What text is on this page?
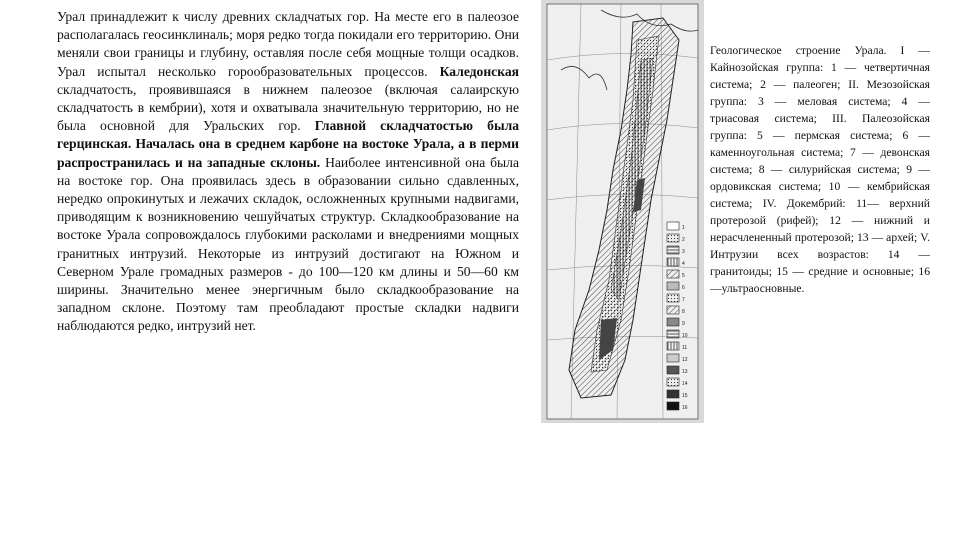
Урал принадлежит к числу древних складчатых гор. На месте его в палеозое располагалась геосинклиналь; моря редко тогда покидали его территорию. Они меняли свои границы и глубину, оставляя после себя мощные толщи осадков. Урал испытал несколько горообразовательных процессов. Каледонская складчатость, проявившаяся в нижнем палеозое (включая салаирскую складчатость в кембрии), хотя и охватывала значительную территорию, но не была основной для Уральских гор. Главной складчатостью была герцинская. Началась она в среднем карбоне на востоке Урала, а в перми распространилась и на западные склоны. Наиболее интенсивной она была на востоке гор. Она проявилась здесь в образовании сильно сдавленных, нередко опрокинутых и лежачих складок, осложненных крупными надвигами, приводящим к возникновению чешуйчатых структур. Складкообразование на востоке Урала сопровождалось глубокими расколами и внедрениями мощных гранитных интрузий. Некоторые из интрузий достигают на Южном и Северном Урале громадных размеров - до 100—120 км длины и 50—60 км ширины. Значительно менее энергичным было складкообразование на западном склоне. Поэтому там преобладают простые складки надвиги наблюдаются редко, интрузий нет.

1
2
3
4
5
6
7
8
9
10
11
12
13
14
15
16

Геологическое строение Урала. I — Кайнозойская группа: 1 — четвертичная система; 2 — палеоген; II. Мезозойская группа: 3 — меловая система; 4 — триасовая система; III. Палеозойская группа: 5 — пермская система; 6 — каменноугольная система; 7 — девонская система; 8 — силурийская система; 9 — ордовикская система; 10 — кембрийская система; IV. Докембрий: 11— верхний протерозой (рифей); 12 — нижний и нерасчлененный протерозой; 13 — архей; V. Интрузии всех возрастов: 14 — гранитоиды; 15 — средние и основные; 16 —ультраосновные.
